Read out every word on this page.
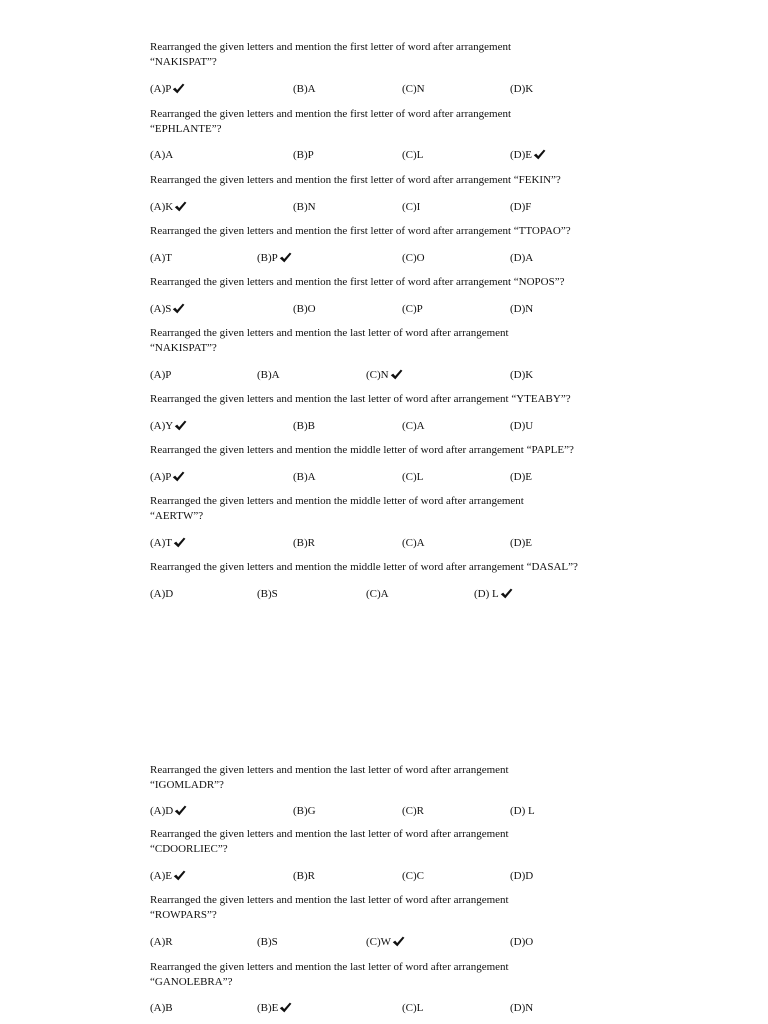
Rearranged the given letters and mention the first letter of word after arrangement
“NAKISPAT”?
(A)P	(B)A	(C)N	(D)K
Rearranged the given letters and mention the first letter of word after arrangement
“EPHLANTE”?
(A)A	(B)P	(C)L	(D)E
Rearranged the given letters and mention the first letter of word after arrangement “FEKIN”?
(A)K	(B)N	(C)I	(D)F
Rearranged the given letters and mention the first letter of word after arrangement “TTOPAO”?
(A)T	(B)P	(C)O	(D)A
Rearranged the given letters and mention the first letter of word after arrangement “NOPOS”?
(A)S	(B)O	(C)P	(D)N
Rearranged the given letters and mention the last letter of word after arrangement
“NAKISPAT”?
(A)P	(B)A	(C)N	(D)K
Rearranged the given letters and mention the last letter of word after arrangement “YTEABY”?
(A)Y	(B)B	(C)A	(D)U
Rearranged the given letters and mention the middle letter of word after arrangement “PAPLE”?
(A)P	(B)A	(C)L	(D)E
Rearranged the given letters and mention the middle letter of word after arrangement
“AERTW”?
(A)T	(B)R	(C)A	(D)E
Rearranged the given letters and mention the middle letter of word after arrangement “DASAL”?
(A)D	(B)S	(C)A	(D) L
Rearranged the given letters and mention the last letter of word after arrangement
“IGOMLADR”?
(A)D	(B)G	(C)R	(D) L
Rearranged the given letters and mention the last letter of word after arrangement
“CDOORLIEC”?
(A)E	(B)R	(C)C	(D)D
Rearranged the given letters and mention the last letter of word after arrangement
“ROWPARS”?
(A)R	(B)S	(C)W	(D)O
Rearranged the given letters and mention the last letter of word after arrangement
“GANOLEBRA”?
(A)B	(B)E	(C)L	(D)N
